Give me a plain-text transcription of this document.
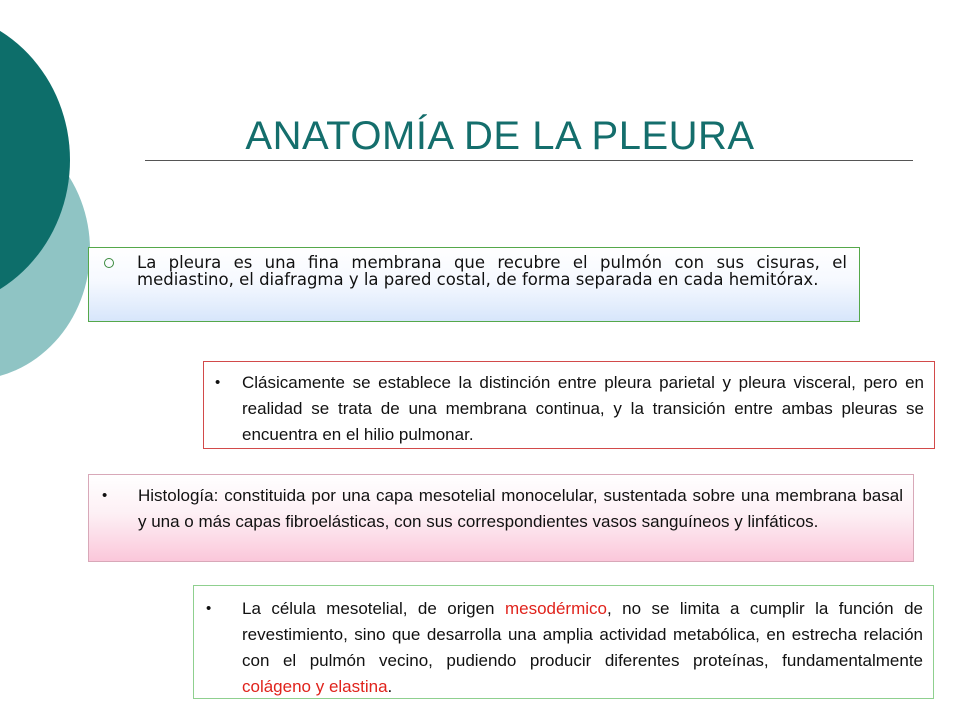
ANATOMÍA DE LA PLEURA
La pleura es una fina membrana que recubre el pulmón con sus cisuras, el mediastino, el diafragma y la pared costal, de forma separada en cada hemitórax.
• Clásicamente se establece la distinción entre pleura parietal y pleura visceral, pero en realidad se trata de una membrana continua, y la transición entre ambas pleuras se encuentra en el hilio pulmonar.
• Histología: constituida por una capa mesotelial monocelular, sustentada sobre una membrana basal y una o más capas fibroelásticas, con sus correspondientes vasos sanguíneos y linfáticos.
• La célula mesotelial, de origen mesodérmico, no se limita a cumplir la función de revestimiento, sino que desarrolla una amplia actividad metabólica, en estrecha relación con el pulmón vecino, pudiendo producir diferentes proteínas, fundamentalmente colágeno y elastina.
